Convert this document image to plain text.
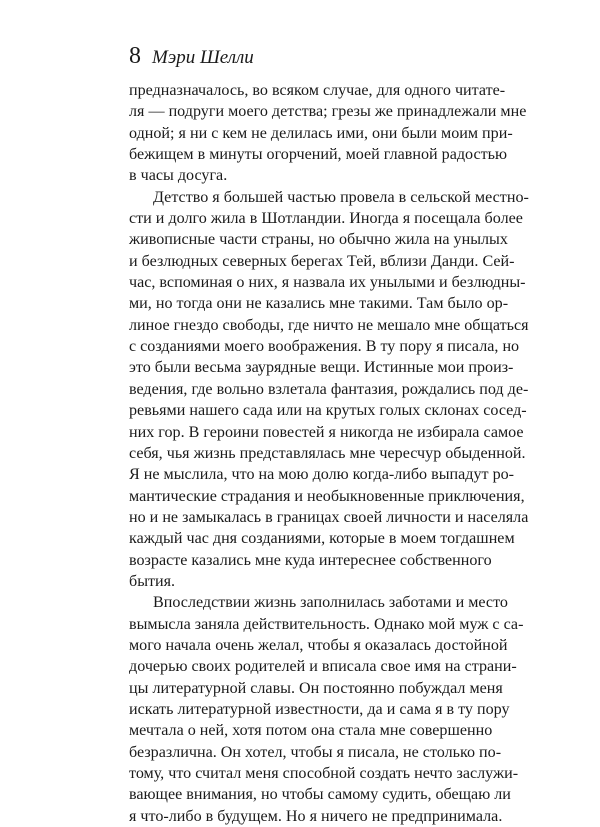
8 Мэри Шелли
предназначалось, во всяком случае, для одного читате-
ля — подруги моего детства; грезы же принадлежали мне
одной; я ни с кем не делилась ими, они были моим при-
бежищем в минуты огорчений, моей главной радостью
в часы досуга.
Детство я большей частью провела в сельской местно-
сти и долго жила в Шотландии. Иногда я посещала более
живописные части страны, но обычно жила на унылых
и безлюдных северных берегах Тей, вблизи Данди. Сей-
час, вспоминая о них, я назвала их унылыми и безлюдны-
ми, но тогда они не казались мне такими. Там было ор-
линое гнездо свободы, где ничто не мешало мне общаться
с созданиями моего воображения. В ту пору я писала, но
это были весьма заурядные вещи. Истинные мои произ-
ведения, где вольно взлетала фантазия, рождались под де-
ревьями нашего сада или на крутых голых склонах сосед-
них гор. В героини повестей я никогда не избирала самое
себя, чья жизнь представлялась мне чересчур обыденной.
Я не мыслила, что на мою долю когда-либо выпадут ро-
мантические страдания и необыкновенные приключения,
но и не замыкалась в границах своей личности и населяла
каждый час дня созданиями, которые в моем тогдашнем
возрасте казались мне куда интереснее собственного
бытия.
Впоследствии жизнь заполнилась заботами и место
вымысла заняла действительность. Однако мой муж с са-
мого начала очень желал, чтобы я оказалась достойной
дочерью своих родителей и вписала свое имя на страни-
цы литературной славы. Он постоянно побуждал меня
искать литературной известности, да и сама я в ту пору
мечтала о ней, хотя потом она стала мне совершенно
безразлична. Он хотел, чтобы я писала, не столько по-
тому, что считал меня способной создать нечто заслужи-
вающее внимания, но чтобы самому судить, обещаю ли
я что-либо в будущем. Но я ничего не предпринимала.
